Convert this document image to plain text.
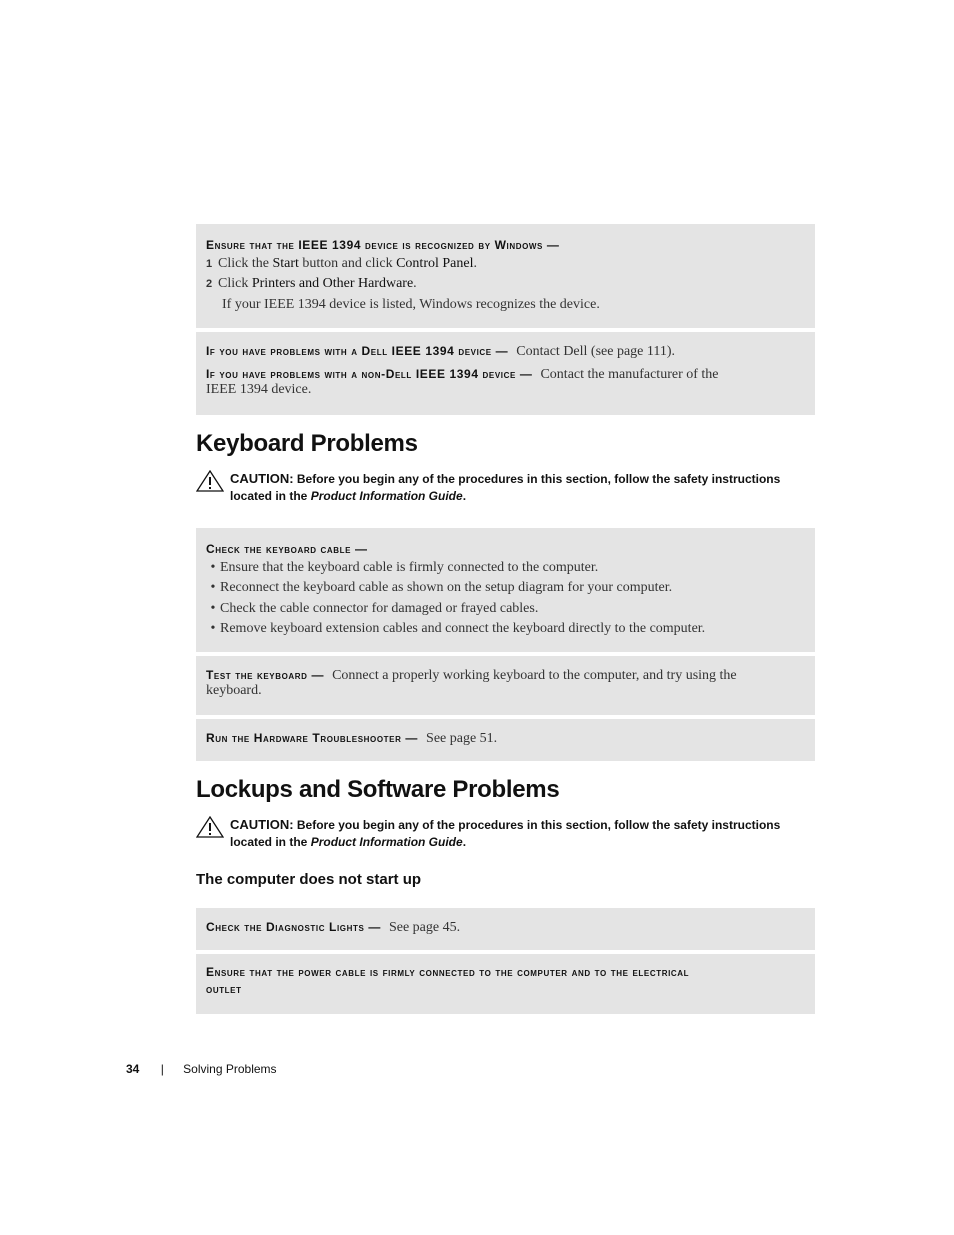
Ensure that the IEEE 1394 device is recognized by Windows —
1 Click the Start button and click Control Panel.
2 Click Printers and Other Hardware.
If your IEEE 1394 device is listed, Windows recognizes the device.
If you have problems with a Dell IEEE 1394 device — Contact Dell (see page 111).
If you have problems with a non-Dell IEEE 1394 device — Contact the manufacturer of the
IEEE 1394 device.
Keyboard Problems
CAUTION: Before you begin any of the procedures in this section, follow the safety instructions
located in the Product Information Guide.
Check the keyboard cable —
• Ensure that the keyboard cable is firmly connected to the computer.
• Reconnect the keyboard cable as shown on the setup diagram for your computer.
• Check the cable connector for damaged or frayed cables.
• Remove keyboard extension cables and connect the keyboard directly to the computer.
Test the keyboard — Connect a properly working keyboard to the computer, and try using the
keyboard.
Run the Hardware Troubleshooter — See page 51.
Lockups and Software Problems
CAUTION: Before you begin any of the procedures in this section, follow the safety instructions
located in the Product Information Guide.
The computer does not start up
Check the Diagnostic Lights — See page 45.
Ensure that the power cable is firmly connected to the computer and to the electrical
outlet
34 | Solving Problems
